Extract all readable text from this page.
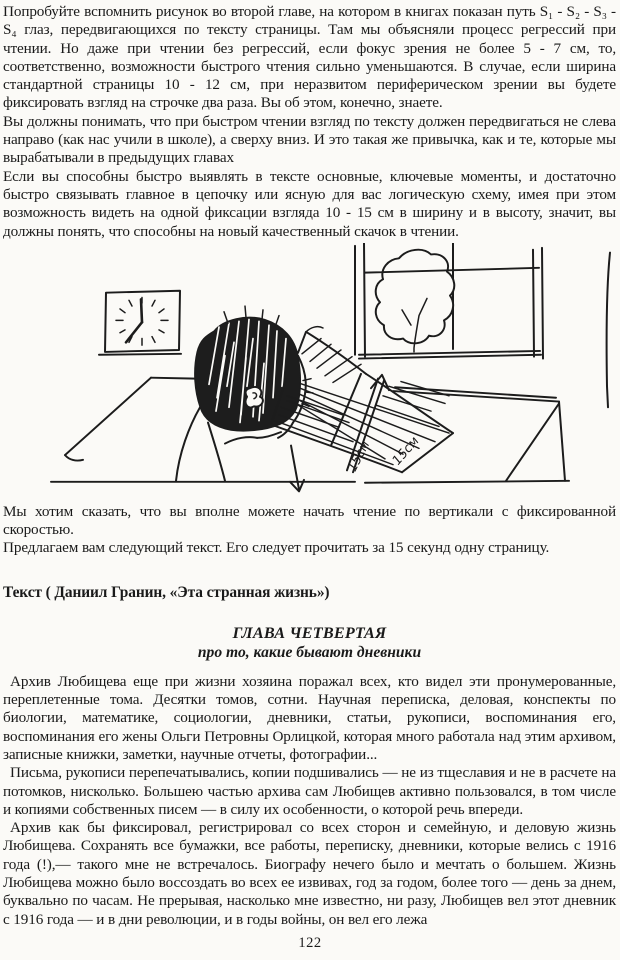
Попробуйте вспомнить рисунок во второй главе, на котором в книгах показан путь S₁ - S₂ - S₃ - S₄ глаз, передвигающихся по тексту страницы. Там мы объясняли процесс регрессий при чтении. Но даже при чтении без регрессий, если фокус зрения не более 5 - 7 см, то, соответственно, возможности быстрого чтения сильно уменьшаются. В случае, если ширина стандартной страницы 10 - 12 см, при неразвитом периферическом зрении вы будете фиксировать взгляд на строчке два раза. Вы об этом, конечно, знаете.

Вы должны понимать, что при быстром чтении взгляд по тексту должен передвигаться не слева направо (как нас учили в школе), а сверху вниз. И это такая же привычка, как и те, которые мы вырабатывали в предыдущих главах

Если вы способны быстро выявлять в тексте основные, ключевые моменты, и достаточно быстро связывать главное в цепочку или ясную для вас логическую схему, имея при этом возможность видеть на одной фиксации взгляда 10 - 15 см в ширину и в высоту, значит, вы должны понять, что способны на новый качественный скачок в чтении.

15см 15см

Мы хотим сказать, что вы вполне можете начать чтение по вертикали с фиксированной скоростью.

Предлагаем вам следующий текст. Его следует прочитать за 15 секунд одну страницу.

Текст ( Даниил Гранин, «Эта странная жизнь»)

ГЛАВА ЧЕТВЕРТАЯ

про то, какие бывают дневники

Архив Любищева еще при жизни хозяина поражал всех, кто видел эти пронумерованные, переплетенные тома. Десятки томов, сотни. Научная переписка, деловая, конспекты по биологии, математике, социологии, дневники, статьи, рукописи, воспоминания его, воспоминания его жены Ольги Петровны Орлицкой, которая много работала над этим архивом, записные книжки, заметки, научные отчеты, фотографии...

Письма, рукописи перепечатывались, копии подшивались — не из тщеславия и не в расчете на потомков, нисколько. Большею частью архива сам Любищев активно пользовался, в том числе и копиями собственных писем — в силу их особенности, о которой речь впереди.

Архив как бы фиксировал, регистрировал со всех сторон и семейную, и деловую жизнь Любищева. Сохранять все бумажки, все работы, переписку, дневники, которые велись с 1916 года (!),— такого мне не встречалось. Биографу нечего было и мечтать о большем. Жизнь Любищева можно было воссоздать во всех ее извивах, год за годом, более того — день за днем, буквально по часам. Не прерывая, насколько мне известно, ни разу, Любищев вел этот дневник с 1916 года — и в дни революции, и в годы войны, он вел его лежа

122
